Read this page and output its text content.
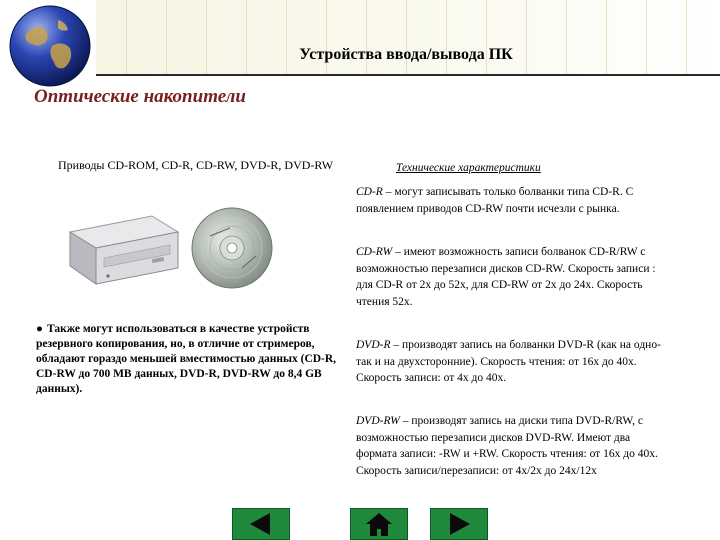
Устройства ввода/вывода ПК
Оптические накопители
Приводы CD-ROM, CD-R, CD-RW, DVD-R, DVD-RW
● Также могут использоваться в качестве устройств резервного копирования, но, в отличие от стримеров, обладают гораздо меньшей вместимостью данных (CD-R, CD-RW до 700 MB данных, DVD-R, DVD-RW до 8,4 GB данных).
Технические характеристики
CD-R – могут записывать только болванки типа CD-R. С появлением приводов CD-RW почти исчезли с рынка.
CD-RW – имеют возможность записи болванок CD-R/RW с возможностью перезаписи дисков CD-RW. Скорость записи : для CD-R от 2х до 52х, для CD-RW от 2х до 24х. Скорость чтения 52х.
DVD-R – производят запись на болванки DVD-R (как на одно- так и на двухсторонние). Скорость чтения: от 16х до 40х. Скорость записи: от 4х до 40х.
DVD-RW – производят запись на диски типа DVD-R/RW, с возможностью перезаписи дисков DVD-RW. Имеют два формата записи: -RW и +RW. Скорость чтения: от 16х до 40х. Скорость записи/перезаписи: от 4х/2х до 24х/12х
